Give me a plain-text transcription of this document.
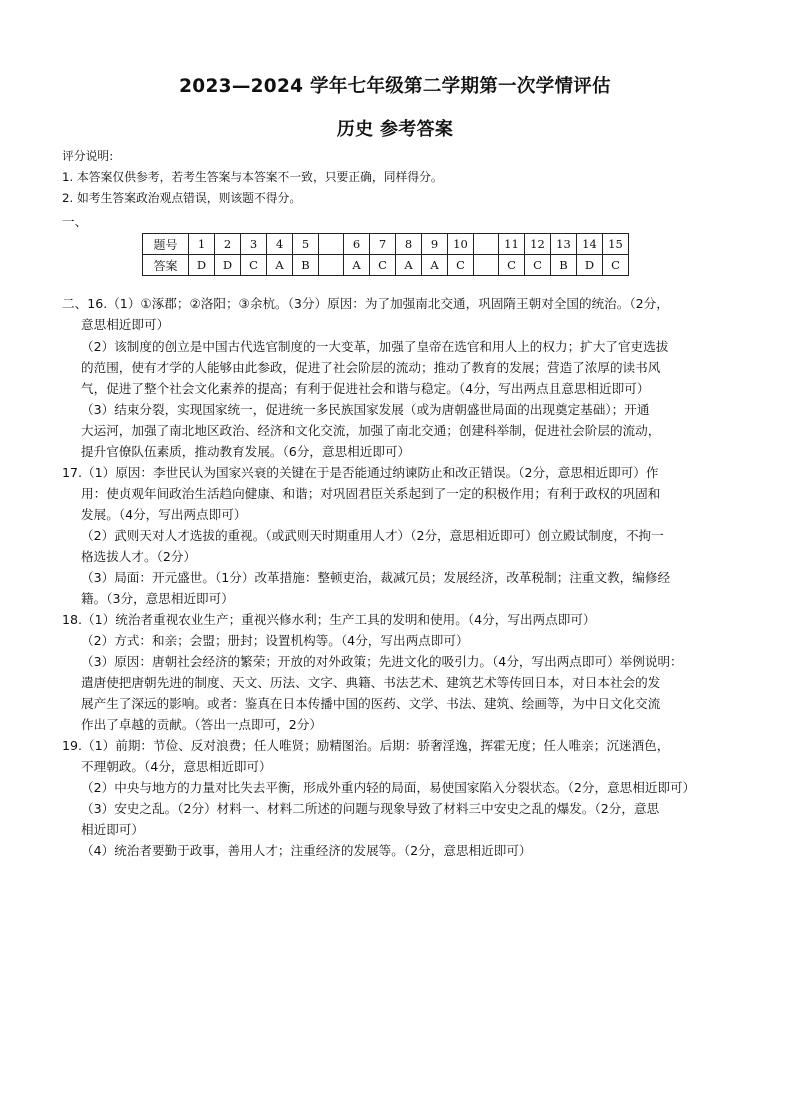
2023—2024 学年七年级第二学期第一次学情评估
历史 参考答案
评分说明:
1. 本答案仅供参考，若考生答案与本答案不一致，只要正确，同样得分。
2. 如考生答案政治观点错误，则该题不得分。
一、
题号	1	2	3	4	5		6	7	8	9	10		11	12	13	14	15
答案	D	D	C	A	B		A	C	A	A	C		C	C	B	D	C
二、16.（1）①涿郡；②洛阳；③余杭。（3分）原因：为了加强南北交通，巩固隋王朝对全国的统治。（2分，
意思相近即可）
（2）该制度的创立是中国古代选官制度的一大变革，加强了皇帝在选官和用人上的权力；扩大了官吏选拔
的范围，使有才学的人能够由此参政，促进了社会阶层的流动；推动了教育的发展；营造了浓厚的读书风
气，促进了整个社会文化素养的提高；有利于促进社会和谐与稳定。（4分，写出两点且意思相近即可）
（3）结束分裂，实现国家统一，促进统一多民族国家发展（或为唐朝盛世局面的出现奠定基础）；开通
大运河，加强了南北地区政治、经济和文化交流，加强了南北交通；创建科举制，促进社会阶层的流动，
提升官僚队伍素质，推动教育发展。（6分，意思相近即可）
17.（1）原因：李世民认为国家兴衰的关键在于是否能通过纳谏防止和改正错误。（2分，意思相近即可）作
用：使贞观年间政治生活趋向健康、和谐；对巩固君臣关系起到了一定的积极作用；有利于政权的巩固和
发展。（4分，写出两点即可）
（2）武则天对人才选拔的重视。（或武则天时期重用人才）（2分，意思相近即可）创立殿试制度，不拘一
格选拔人才。（2分）
（3）局面：开元盛世。（1分）改革措施：整顿吏治，裁减冗员；发展经济，改革税制；注重文教，编修经
籍。（3分，意思相近即可）
18.（1）统治者重视农业生产；重视兴修水利；生产工具的发明和使用。（4分，写出两点即可）
（2）方式：和亲；会盟；册封；设置机构等。（4分，写出两点即可）
（3）原因：唐朝社会经济的繁荣；开放的对外政策；先进文化的吸引力。（4分，写出两点即可）举例说明：
遣唐使把唐朝先进的制度、天文、历法、文字、典籍、书法艺术、建筑艺术等传回日本，对日本社会的发
展产生了深远的影响。或者：鉴真在日本传播中国的医药、文学、书法、建筑、绘画等，为中日文化交流
作出了卓越的贡献。（答出一点即可，2分）
19.（1）前期：节俭、反对浪费；任人唯贤；励精图治。后期：骄奢淫逸，挥霍无度；任人唯亲；沉迷酒色，
不理朝政。（4分，意思相近即可）
（2）中央与地方的力量对比失去平衡，形成外重内轻的局面，易使国家陷入分裂状态。（2分，意思相近即可）
（3）安史之乱。（2分）材料一、材料二所述的问题与现象导致了材料三中安史之乱的爆发。（2分，意思
相近即可）
（4）统治者要勤于政事，善用人才；注重经济的发展等。（2分，意思相近即可）
